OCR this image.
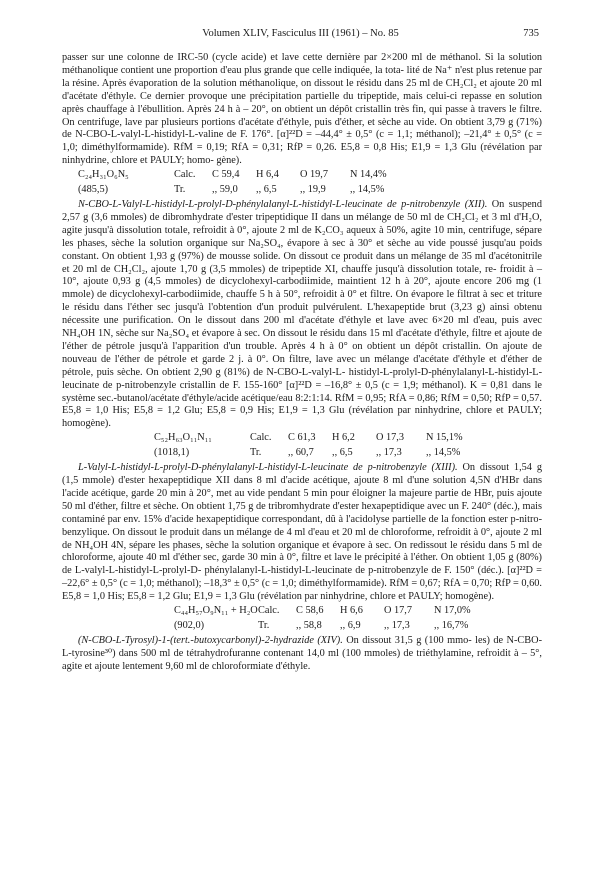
Volumen XLIV, Fasciculus III (1961) – No. 85	735

passer sur une colonne de IRC-50 (cycle acide) et lave cette dernière par 2×200 ml de méthanol. Si la solution méthanolique contient une proportion d'eau plus grande que celle indiquée, la tota- lité de Na⁺ n'est plus retenue par la résine. Après évaporation de la solution méthanolique, on dissout le résidu dans 25 ml de CH₂Cl₂ et ajoute 20 ml d'acétate d'éthyle. Ce dernier provoque une précipitation partielle du tripeptide, mais celui-ci repasse en solution après chauffage à l'ébullition. Après 24 h à – 20°, on obtient un dépôt cristallin très fin, qui passe à travers le filtre. On centrifuge, lave par plusieurs portions d'acétate d'éthyle, puis d'éther, et sèche au vide. On obtient 3,79 g (71%) de N-CBO-L-valyl-L-histidyl-L-valine de F. 176°. [α]²²D = –44,4° ± 0,5° (c = 1,1; méthanol); –21,4° ± 0,5° (c = 1,0; diméthylformamide). RfM = 0,19; RfA = 0,31; RfP = 0,26. E5,8 = 0,8 His; E1,9 = 1,3 Glu (révélation par ninhydrine, chlore et PAULY; homo- gène).

C₂₄H₃₁O₆N₅	Calc.	C 59,4	H 6,4	O 19,7	N 14,4%
(485,5)	Tr.	,, 59,0	,, 6,5	,, 19,9	,, 14,5%

N-CBO-L-Valyl-L-histidyl-L-prolyl-D-phénylalanyl-L-histidyl-L-leucinate de p-nitrobenzyle (XII). On suspend 2,57 g (3,6 mmoles) de dibromhydrate d'ester tripeptidique II dans un mélange de 50 ml de CH₂Cl₂ et 3 ml d'H₂O, agite jusqu'à dissolution totale, refroidit à 0°, ajoute 2 ml de K₂CO₃ aqueux à 50%, agite 10 min, centrifuge, sépare les phases, sèche la solution organique sur Na₂SO₄, évapore à sec à 30° et sèche au vide poussé jusqu'au poids constant. On obtient 1,93 g (97%) de mousse solide. On dissout ce produit dans un mélange de 35 ml d'acétonitrile et 20 ml de CH₂Cl₂, ajoute 1,70 g (3,5 mmoles) de tripeptide XI, chauffe jusqu'à dissolution totale, re- froidit à – 10°, ajoute 0,93 g (4,5 mmoles) de dicyclohexyl-carbodiimide, maintient 12 h à 20°, ajoute encore 206 mg (1 mmole) de dicyclohexyl-carbodiimide, chauffe 5 h à 50°, refroidit à 0° et filtre. On évapore le filtrat à sec et triture le résidu dans l'éther sec jusqu'à l'obtention d'un produit pulvérulent. L'hexapeptide brut (3,23 g) ainsi obtenu nécessite une purification. On le dissout dans 200 ml d'acétate d'éthyle et lave avec 6×20 ml d'eau, puis avec NH₄OH 1N, sèche sur Na₂SO₄ et évapore à sec. On dissout le résidu dans 15 ml d'acétate d'éthyle, filtre et ajoute de l'éther de pétrole jusqu'à l'apparition d'un trouble. Après 4 h à 0° on obtient un dépôt cristallin. On ajoute de nouveau de l'éther de pétrole et garde 2 j. à 0°. On filtre, lave avec un mélange d'acétate d'éthyle et d'éther de pétrole, puis sèche. On obtient 2,90 g (81%) de N-CBO-L-valyl-L- histidyl-L-prolyl-D-phénylalanyl-L-histidyl-L-leucinate de p-nitrobenzyle cristallin de F. 155-160° [α]²²D = –16,8° ± 0,5 (c = 1,9; méthanol). K = 0,81 dans le système sec.-butanol/acétate d'éthyle/acide acétique/eau 8:2:1:14. RfM = 0,95; RfA = 0,86; RfM = 0,50; RfP = 0,57. E5,8 = 1,0 His; E5,8 = 1,2 Glu; E5,8 = 0,9 His; E1,9 = 1,3 Glu (révélation par ninhydrine, chlore et PAULY; homogène).

C₅₂H₆₃O₁₁N₁₁	Calc.	C 61,3	H 6,2	O 17,3	N 15,1%
(1018,1)	Tr.	,, 60,7	,, 6,5	,, 17,3	,, 14,5%

L-Valyl-L-histidyl-L-prolyl-D-phénylalanyl-L-histidyl-L-leucinate de p-nitrobenzyle (XIII). On dissout 1,54 g (1,5 mmole) d'ester hexapeptidique XII dans 8 ml d'acide acétique, ajoute 8 ml d'une solution 4,5N d'HBr dans l'acide acétique, garde 20 min à 20°, met au vide pendant 5 min pour éloigner la majeure partie de HBr, puis ajoute 50 ml d'éther, filtre et sèche. On obtient 1,75 g de tribromhydrate d'ester hexapeptidique avec un F. 240° (déc.), mais contaminé par env. 15% d'acide hexapeptidique correspondant, dû à l'acidolyse partielle de la fonction ester p-nitro- benzylique. On dissout le produit dans un mélange de 4 ml d'eau et 20 ml de chloroforme, refroidit à 0°, ajoute 2 ml de NH₄OH 4N, sépare les phases, sèche la solution organique et évapore à sec. On redissout le résidu dans 5 ml de chloroforme, ajoute 40 ml d'éther sec, garde 30 min à 0°, filtre et lave le précipité à l'éther. On obtient 1,05 g (80%) de L-valyl-L-histidyl-L-prolyl-D- phénylalanyl-L-histidyl-L-leucinate de p-nitrobenzyle de F. 150° (déc.). [α]²²D = –22,6° ± 0,5° (c = 1,0; méthanol); –18,3° ± 0,5° (c = 1,0; diméthylformamide). RfM = 0,67; RfA = 0,70; RfP = 0,60. E5,8 = 1,0 His; E5,8 = 1,2 Glu; E1,9 = 1,3 Glu (révélation par ninhydrine, chlore et PAULY; homogène).

C₄₄H₅₇O₉N₁₁ + H₂O Calc.	C 58,6	H 6,6	O 17,7	N 17,0%
(902,0)	Tr.	,, 58,8	,, 6,9	,, 17,3	,, 16,7%

(N-CBO-L-Tyrosyl)-1-(tert.-butoxycarbonyl)-2-hydrazide (XIV). On dissout 31,5 g (100 mmo- les) de N-CBO-L-tyrosine³⁰) dans 500 ml de tétrahydrofuranne contenant 14,0 ml (100 mmoles) de triéthylamine, refroidit à – 5°, agite et ajoute lentement 9,60 ml de chloroformiate d'éthyle.
